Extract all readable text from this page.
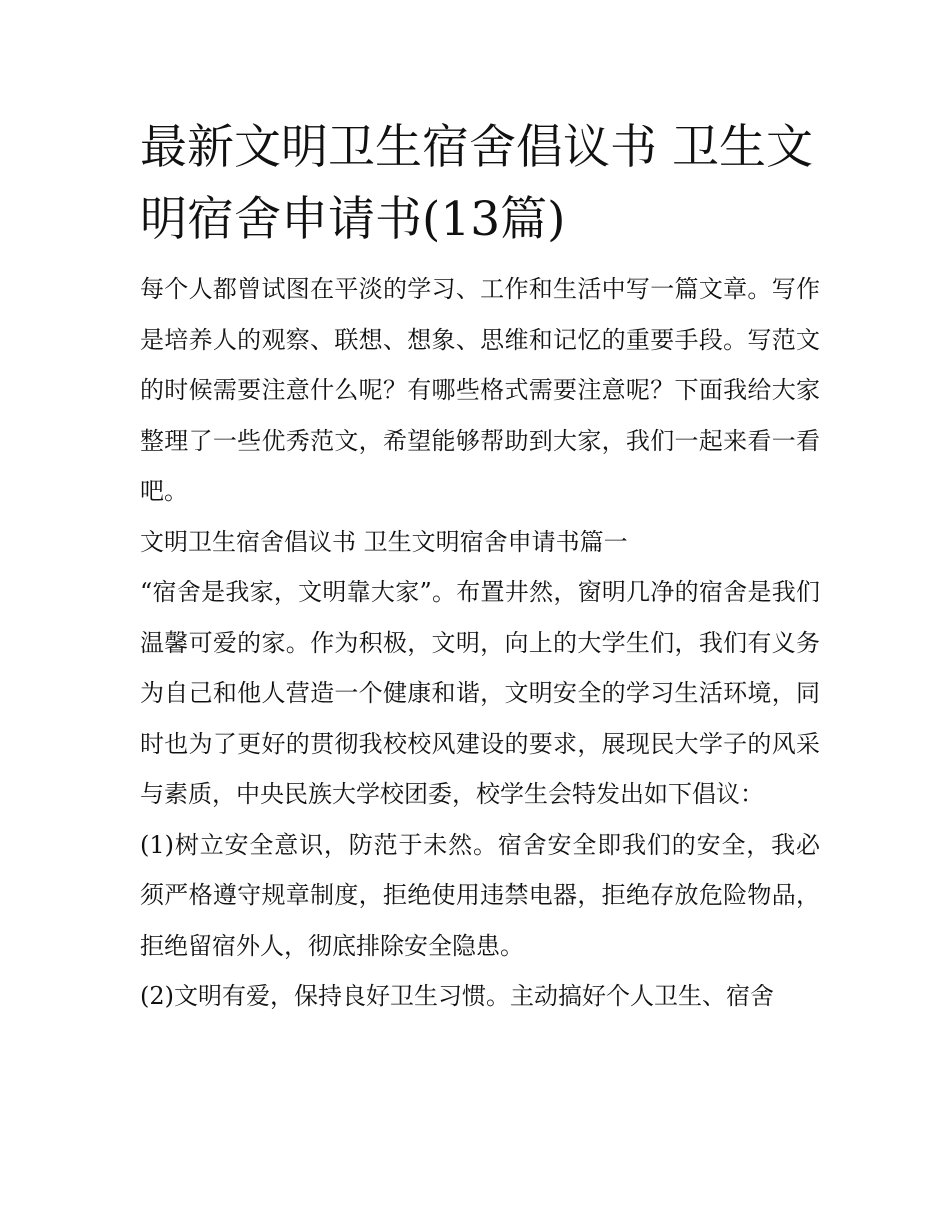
最新文明卫生宿舍倡议书 卫生文明宿舍申请书(13篇)

每个人都曾试图在平淡的学习、工作和生活中写一篇文章。写作是培养人的观察、联想、想象、思维和记忆的重要手段。写范文的时候需要注意什么呢？有哪些格式需要注意呢？下面我给大家整理了一些优秀范文，希望能够帮助到大家，我们一起来看一看吧。

文明卫生宿舍倡议书 卫生文明宿舍申请书篇一

“宿舍是我家，文明靠大家”。布置井然，窗明几净的宿舍是我们温馨可爱的家。作为积极，文明，向上的大学生们，我们有义务为自己和他人营造一个健康和谐，文明安全的学习生活环境，同时也为了更好的贯彻我校校风建设的要求，展现民大学子的风采与素质，中央民族大学校团委，校学生会特发出如下倡议：

(1)树立安全意识，防范于未然。宿舍安全即我们的安全，我必须严格遵守规章制度，拒绝使用违禁电器，拒绝存放危险物品，拒绝留宿外人，彻底排除安全隐患。

(2)文明有爱，保持良好卫生习惯。主动搞好个人卫生、宿舍
